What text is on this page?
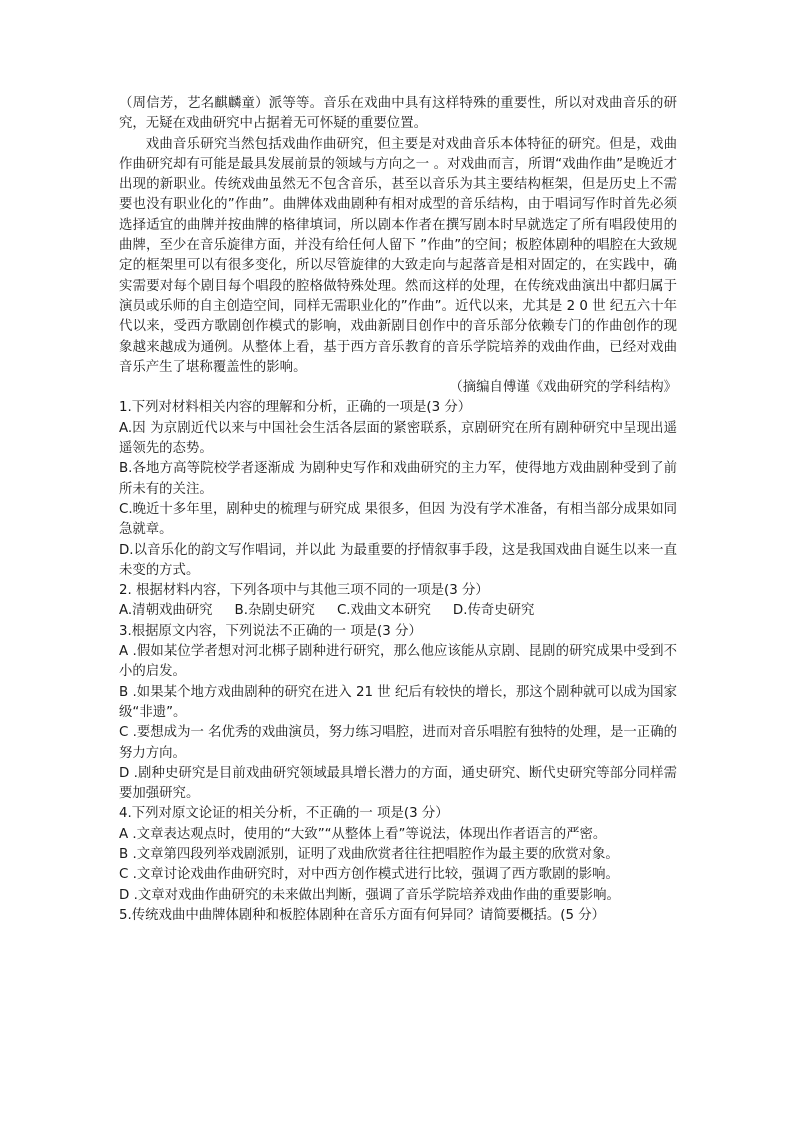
（周信芳，艺名麒麟童）派等等。音乐在戏曲中具有这样特殊的重要性，所以对戏曲音乐的研究，无疑在戏曲研究中占据着无可怀疑的重要位置。

戏曲音乐研究当然包括戏曲作曲研究，但主要是对戏曲音乐本体特征的研究。但是，戏曲作曲研究却有可能是最具发展前景的领域与方向之一 。对戏曲而言，所谓“戏曲作曲”是晚近才出现的新职业。传统戏曲虽然无不包含音乐，甚至以音乐为其主要结构框架，但是历史上不需要也没有职业化的”作曲”。曲牌体戏曲剧种有相对成型的音乐结构，由于唱词写作时首先必须选择适宜的曲牌并按曲牌的格律填词，所以剧本作者在撰写剧本时早就选定了所有唱段使用的曲牌，至少在音乐旋律方面，并没有给任何人留下 ”作曲”的空间；板腔体剧种的唱腔在大致规定的框架里可以有很多变化，所以尽管旋律的大致走向与起落音是相对固定的，在实践中，确实需要对每个剧目每个唱段的腔格做特殊处理。然而这样的处理，在传统戏曲演出中都归属于演员或乐师的自主创造空间，同样无需职业化的”作曲”。近代以来，尤其是 2 0 世 纪五六十年代以来，受西方歌剧创作模式的影响，戏曲新剧目创作中的音乐部分依赖专门的作曲创作的现象越来越成为通例。从整体上看，基于西方音乐教育的音乐学院培养的戏曲作曲，已经对戏曲音乐产生了堪称覆盖性的影响。

（摘编自傅谨《戏曲研究的学科结构》

1.下列对材料相关内容的理解和分析，正确的一项是(3 分）

A.因 为京剧近代以来与中国社会生活各层面的紧密联系，京剧研究在所有剧种研究中呈现出遥遥领先的态势。

B.各地方高等院校学者逐渐成 为剧种史写作和戏曲研究的主力军，使得地方戏曲剧种受到了前所未有的关注。

C.晚近十多年里，剧种史的梳理与研究成 果很多，但因 为没有学术准备，有相当部分成果如同急就章。

D.以音乐化的韵文写作唱词，并以此 为最重要的抒情叙事手段，这是我国戏曲自诞生以来一直未变的方式。

2. 根据材料内容，下列各项中与其他三项不同的一项是(3 分）

A.清朝戏曲研究 B.杂剧史研究 C.戏曲文本研究 D.传奇史研究

3.根据原文内容，下列说法不正确的一 项是(3 分）

A .假如某位学者想对河北梆子剧种进行研究，那么他应该能从京剧、昆剧的研究成果中受到不小的启发。

B .如果某个地方戏曲剧种的研究在进入 21 世 纪后有较快的增长，那这个剧种就可以成为国家级“非遗”。

C .要想成为一 名优秀的戏曲演员，努力练习唱腔，进而对音乐唱腔有独特的处理，是一正确的努力方向。

D .剧种史研究是目前戏曲研究领域最具增长潜力的方面，通史研究、断代史研究等部分同样需要加强研究。

4.下列对原文论证的相关分析，不正确的一 项是(3 分）

A .文章表达观点时，使用的“大致”“从整体上看”等说法，体现出作者语言的严密。

B .文章第四段列举戏剧派别，证明了戏曲欣赏者往往把唱腔作为最主要的欣赏对象。

C .文章讨论戏曲作曲研究时，对中西方创作模式进行比较，强调了西方歌剧的影响。

D .文章对戏曲作曲研究的未来做出判断，强调了音乐学院培养戏曲作曲的重要影响。

5.传统戏曲中曲牌体剧种和板腔体剧种在音乐方面有何异同？请简要概括。(5 分）
